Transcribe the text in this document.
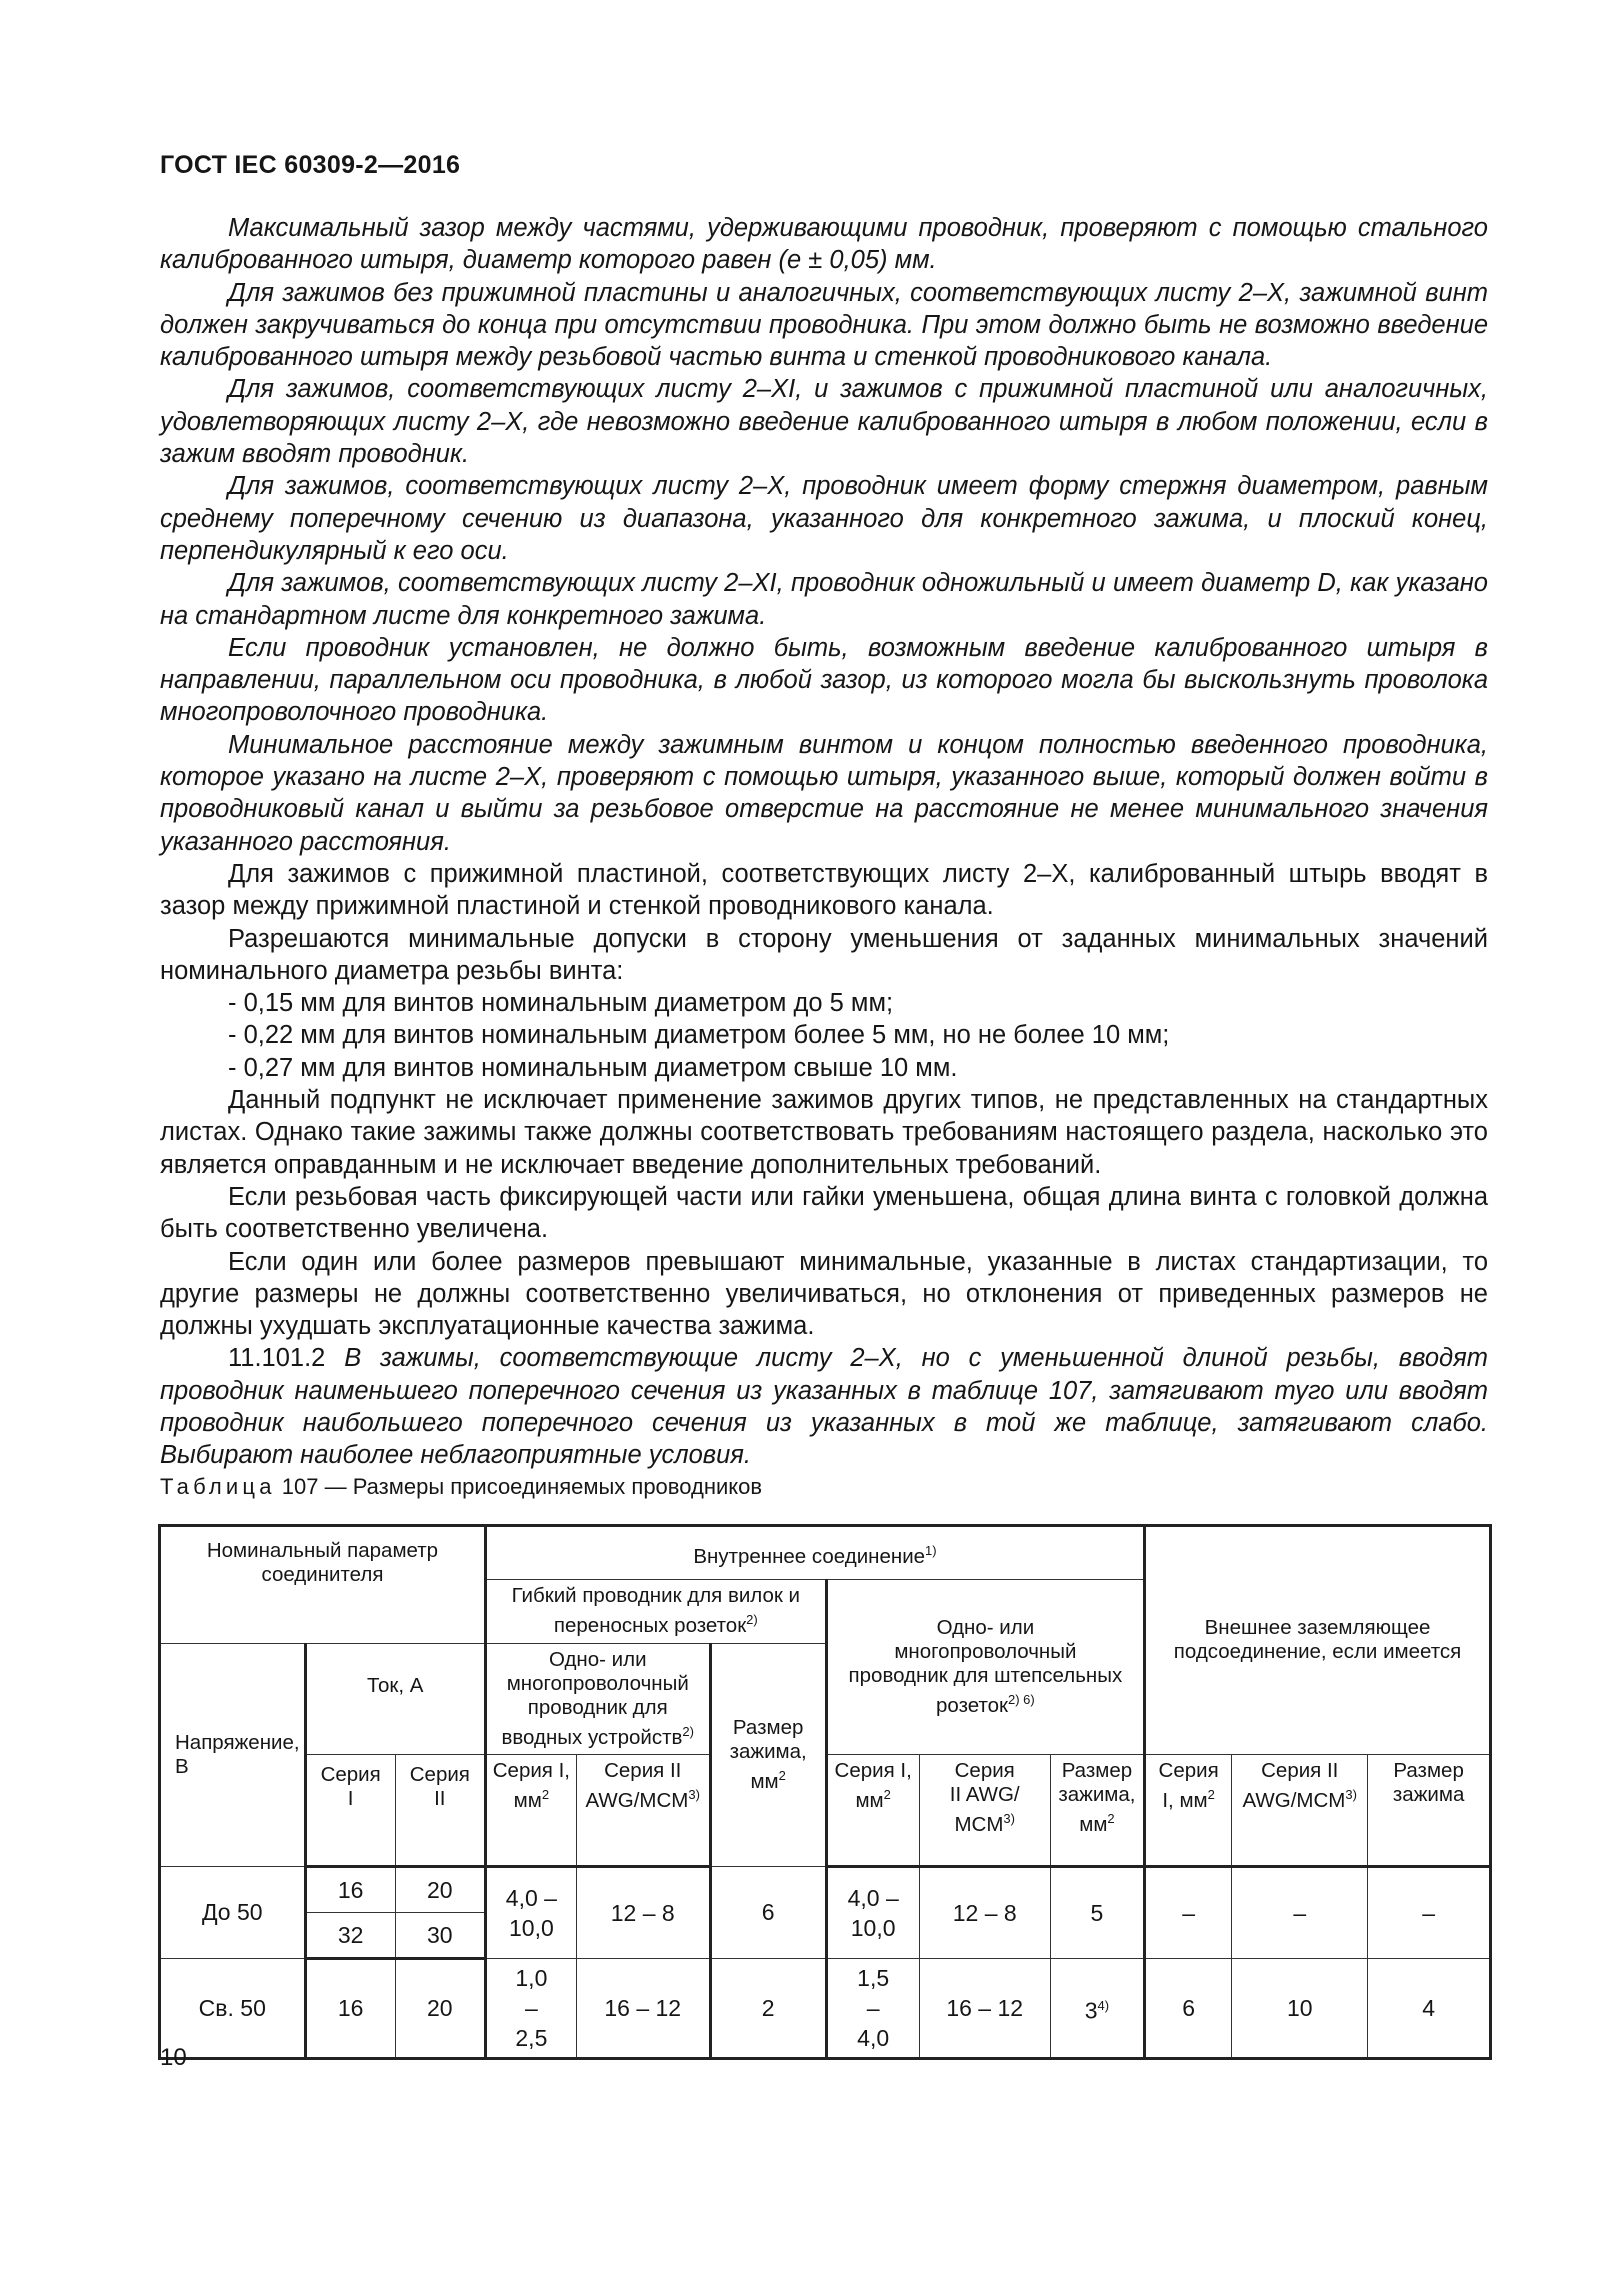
ГОСТ IEC 60309-2—2016

Максимальный зазор между частями, удерживающими проводник, проверяют с помощью стального калиброванного штыря, диаметр которого равен (е ± 0,05) мм.

Для зажимов без прижимной пластины и аналогичных, соответствующих листу 2–X, зажимной винт должен закручиваться до конца при отсутствии проводника. При этом должно быть не возможно введение калиброванного штыря между резьбовой частью винта и стенкой проводникового канала.

Для зажимов, соответствующих листу 2–XI, и зажимов с прижимной пластиной или аналогичных, удовлетворяющих листу 2–X, где невозможно введение калиброванного штыря в любом положении, если в зажим вводят проводник.

Для зажимов, соответствующих листу 2–X, проводник имеет форму стержня диаметром, равным среднему поперечному сечению из диапазона, указанного для конкретного зажима, и плоский конец, перпендикулярный к его оси.

Для зажимов, соответствующих листу 2–XI, проводник одножильный и имеет диаметр D, как указано на стандартном листе для конкретного зажима.

Если проводник установлен, не должно быть, возможным введение калиброванного штыря в направлении, параллельном оси проводника, в любой зазор, из которого могла бы выскользнуть проволока многопроволочного проводника.

Минимальное расстояние между зажимным винтом и концом полностью введенного проводника, которое указано на листе 2–X, проверяют с помощью штыря, указанного выше, который должен войти в проводниковый канал и выйти за резьбовое отверстие на расстояние не менее минимального значения указанного расстояния.

Для зажимов с прижимной пластиной, соответствующих листу 2–X, калиброванный штырь вводят в зазор между прижимной пластиной и стенкой проводникового канала.

Разрешаются минимальные допуски в сторону уменьшения от заданных минимальных значений номинального диаметра резьбы винта:

- 0,15 мм для винтов номинальным диаметром до 5 мм;

- 0,22 мм для винтов номинальным диаметром более 5 мм, но не более 10 мм;

- 0,27 мм для винтов номинальным диаметром свыше 10 мм.

Данный подпункт не исключает применение зажимов других типов, не представленных на стандартных листах. Однако такие зажимы также должны соответствовать требованиям настоящего раздела, насколько это является оправданным и не исключает введение дополнительных требований.

Если резьбовая часть фиксирующей части или гайки уменьшена, общая длина винта с головкой должна быть соответственно увеличена.

Если один или более размеров превышают минимальные, указанные в листах стандартизации, то другие размеры не должны соответственно увеличиваться, но отклонения от приведенных размеров не должны ухудшать эксплуатационные качества зажима.

11.101.2 В зажимы, соответствующие листу 2–X, но с уменьшенной длиной резьбы, вводят проводник наименьшего поперечного сечения из указанных в таблице 107, затягивают туго или вводят проводник наибольшего поперечного сечения из указанных в той же таблице, затягивают слабо. Выбирают наиболее неблагоприятные условия.

Таблица 107 — Размеры присоединяемых проводников
Номинальный параметр соединителя			Внутреннее соединение$^{1)}$						Внешнее заземляющее подсоединение, если имеется		
			Гибкий проводник для вилок и переносных розеток$^{2)}$			Одно- или многопроволочный проводник для штепсельных розеток$^{2) 6)}$
Напряжение, В	Ток, А		Одно- или многопроволочный проводник для вводных устройств$^{2)}$		Размер зажима, $мм^2$
	Серия I	Серия II	Серия I, $мм^2$	Серия II AWG/MCM$^{3)}$		Серия I, $мм^2$	Серия II AWG/ MCM$^{3)}$	Размер зажима, $мм^2$	Серия I, $мм^2$	Серия II AWG/MCM$^{3)}$	Размер зажима
До 50	16	20	4,0 – 10,0	12 – 8	6	4,0 – 10,0	12 – 8	5	–	–	–
	32	30									
Св. 50	16	20	1,0 – 2,5	16 – 12	2	1,5 – 4,0	16 – 12	3$^{4)}$	6	10	4
10
